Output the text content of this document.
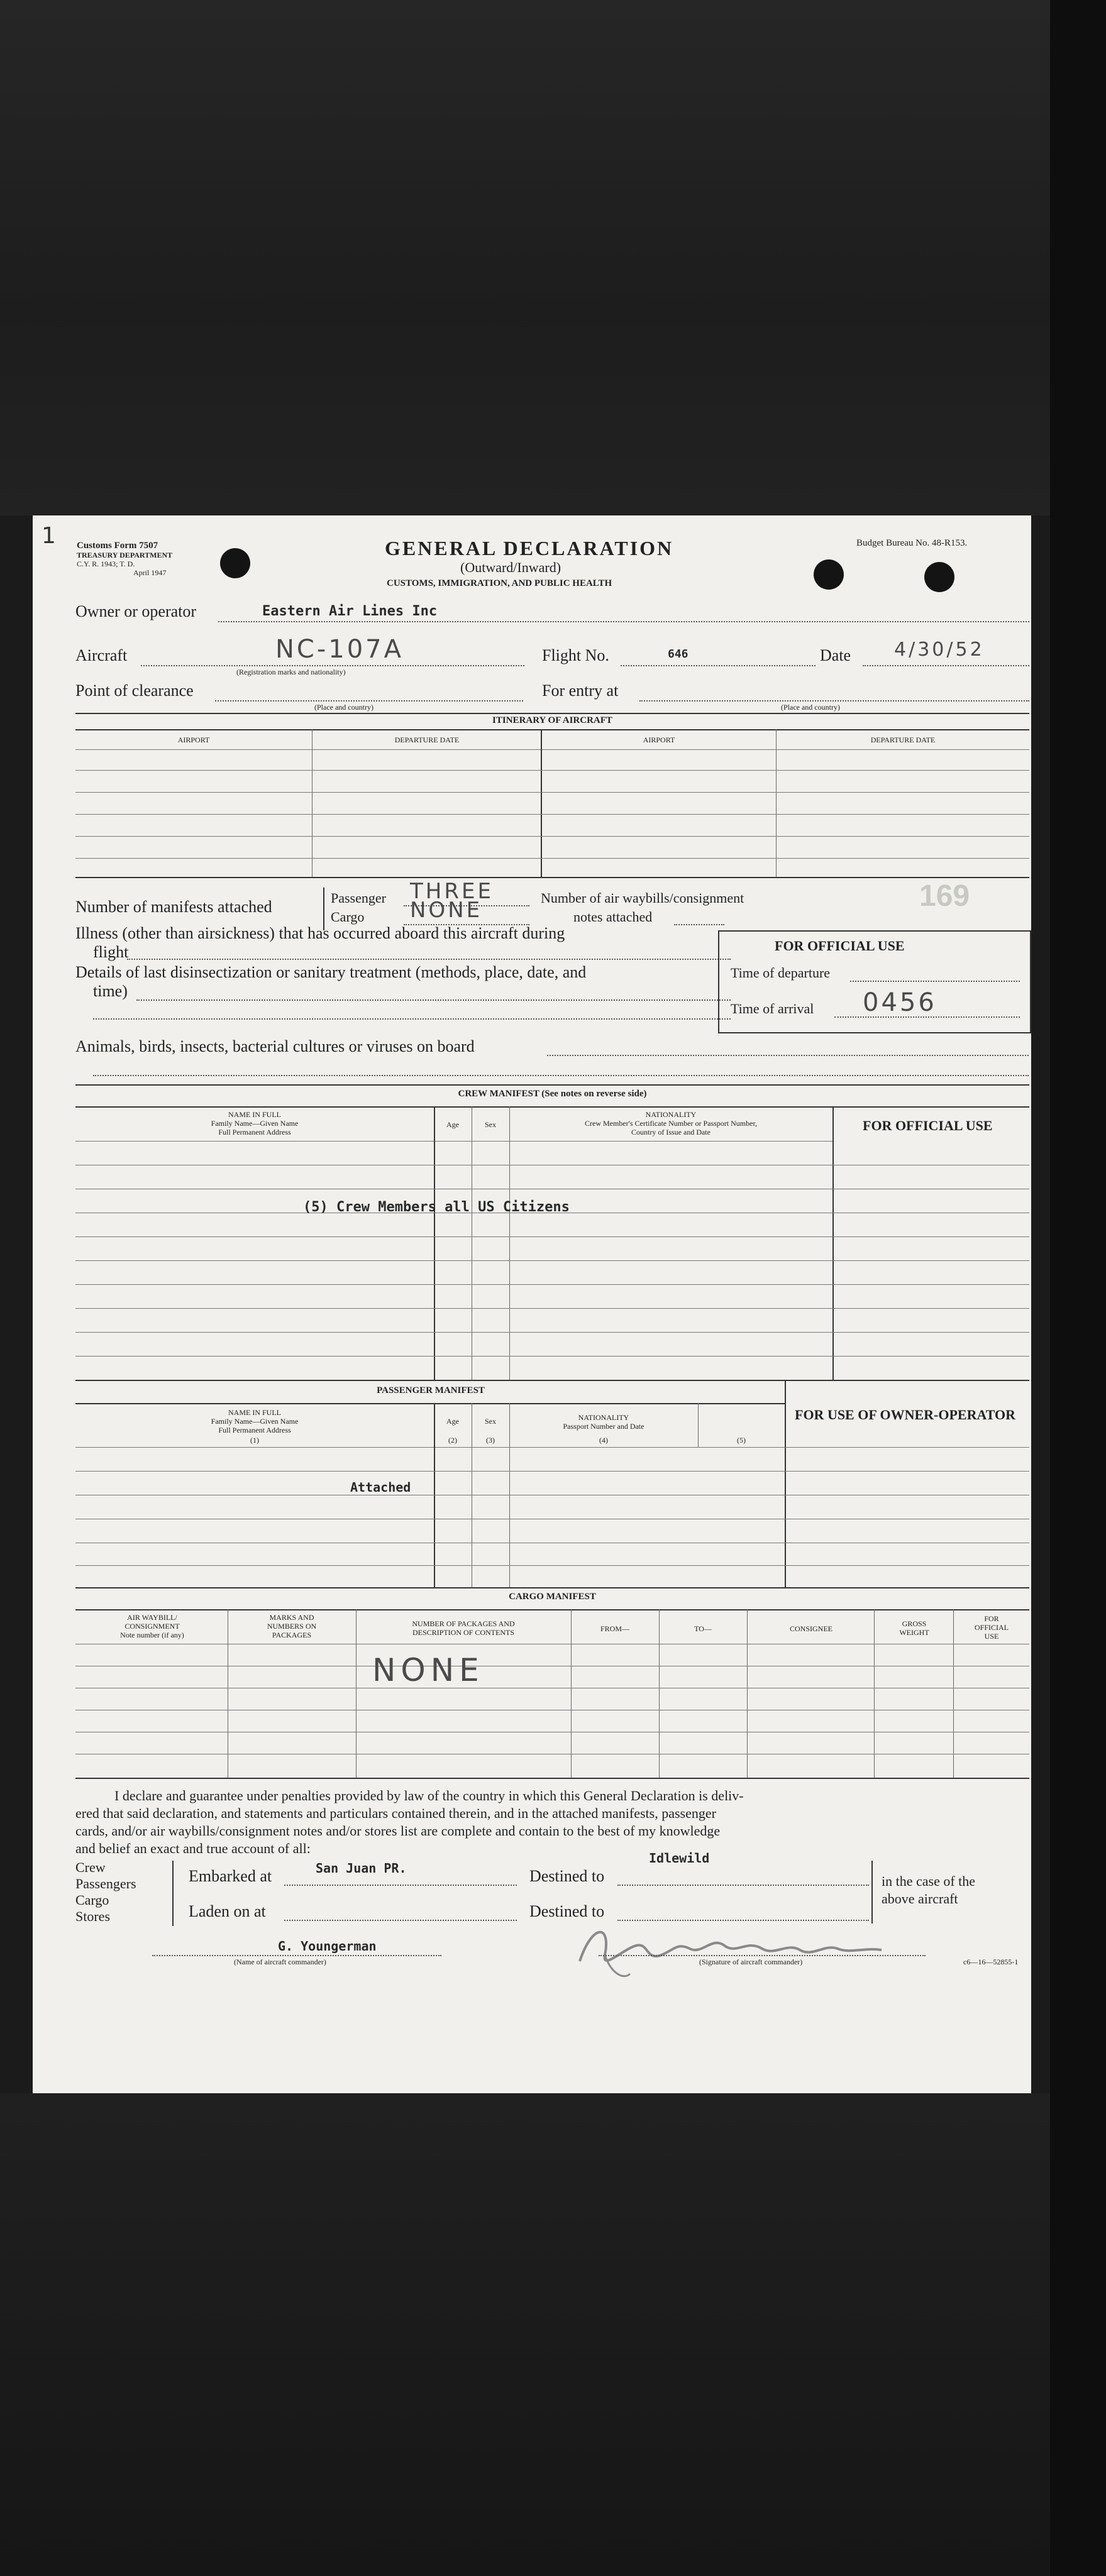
1 Customs Form 7507
TREASURY DEPARTMENT
C.Y. R. 1943; T. D.
April 1947
GENERAL DECLARATION
(Outward/Inward)
CUSTOMS, IMMIGRATION, AND PUBLIC HEALTH
Budget Bureau No. 48-R153.
Owner or operator	Eastern Air Lines Inc
Aircraft	NC-107A
(Registration marks and nationality)
Flight No.	646	Date 4/30/52
Point of clearance
(Place and country)
For entry at
(Place and country)
ITINERARY OF AIRCRAFT
AIRPORT	DEPARTURE DATE	AIRPORT	DEPARTURE DATE
Number of manifests attached	Passenger THREE
Cargo NONE	Number of air waybills/consignment
notes attached
169
Illness (other than airsickness) that has occurred aboard this aircraft during
flight
Details of last disinsectization or sanitary treatment (methods, place, date, and
time)
FOR OFFICIAL USE
Time of departure
Time of arrival 0456
Animals, birds, insects, bacterial cultures or viruses on board
CREW MANIFEST (See notes on reverse side)
NAME IN FULL
Family Name—Given Name
Full Permanent Address
Age	Sex
NATIONALITY
Crew Member's Certificate Number or Passport Number,
Country of Issue and Date	FOR OFFICIAL USE
(5) Crew Members all US Citizens
PASSENGER MANIFEST
FOR USE OF OWNER-OPERATOR
NAME IN FULL
Family Name—Given Name
Full Permanent Address
(1)
Age
(2)
Sex
(3)
NATIONALITY
Passport Number and Date
(4)	(5)
Attached
CARGO MANIFEST
AIR WAYBILL/
CONSIGNMENT
Note number (if any)
MARKS AND
NUMBERS ON
PACKAGES
NUMBER OF PACKAGES AND
DESCRIPTION OF CONTENTS	FROM—	TO—	CONSIGNEE
GROSS
WEIGHT
FOR
OFFICIAL
USE
NONE
I declare and guarantee under penalties provided by law of the country in which this General Declaration is deliv-
ered that said declaration, and statements and particulars contained therein, and in the attached manifests, passenger
cards, and/or air waybills/consignment notes and/or stores list are complete and contain to the best of my knowledge
and belief an exact and true account of all:
Crew
Passengers
Cargo
Stores
Embarked at	San Juan PR.	Destined to
Idlewild
Laden on at	Destined to
in the case of the
above aircraft
G. Youngerman
(Name of aircraft commander)	(Signature of aircraft commander)	c6—16—52855-1
